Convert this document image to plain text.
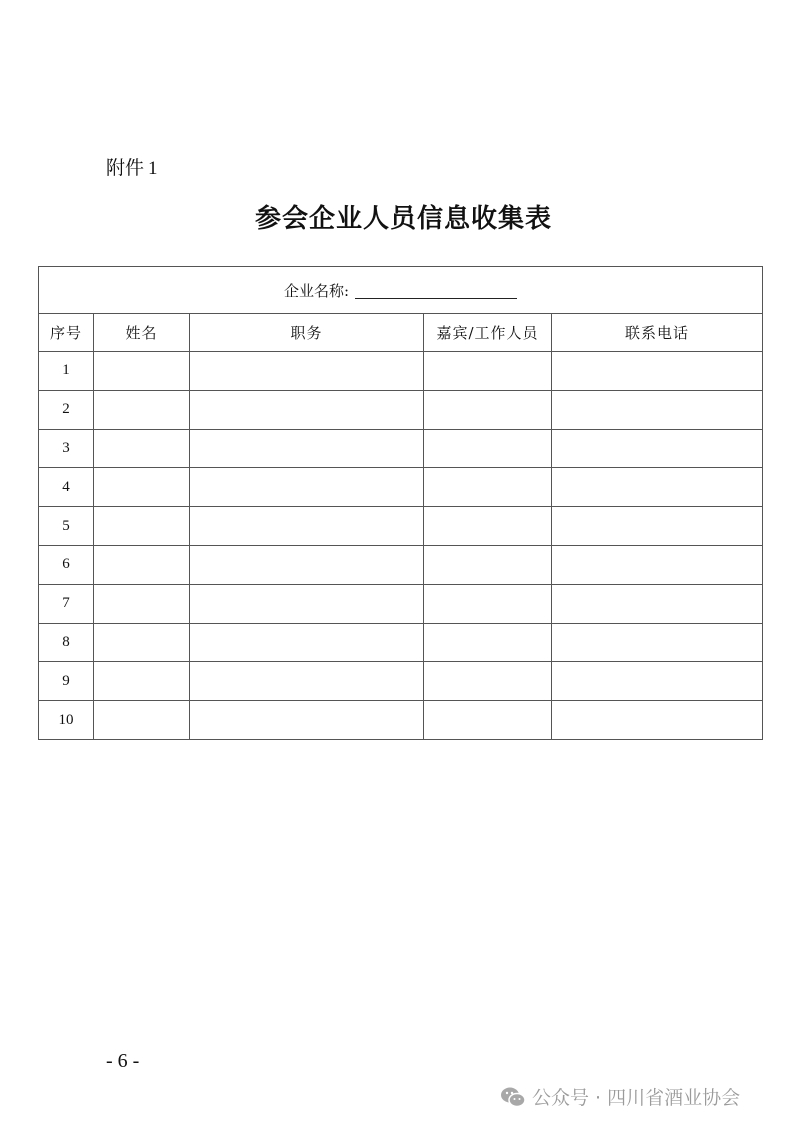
附件 1
参会企业人员信息收集表
企业名称:				
序号	姓名	职务	嘉宾/工作人员	联系电话
1				
2				
3				
4				
5				
6				
7				
8				
9				
10				
- 6 -
公众号 · 四川省酒业协会
